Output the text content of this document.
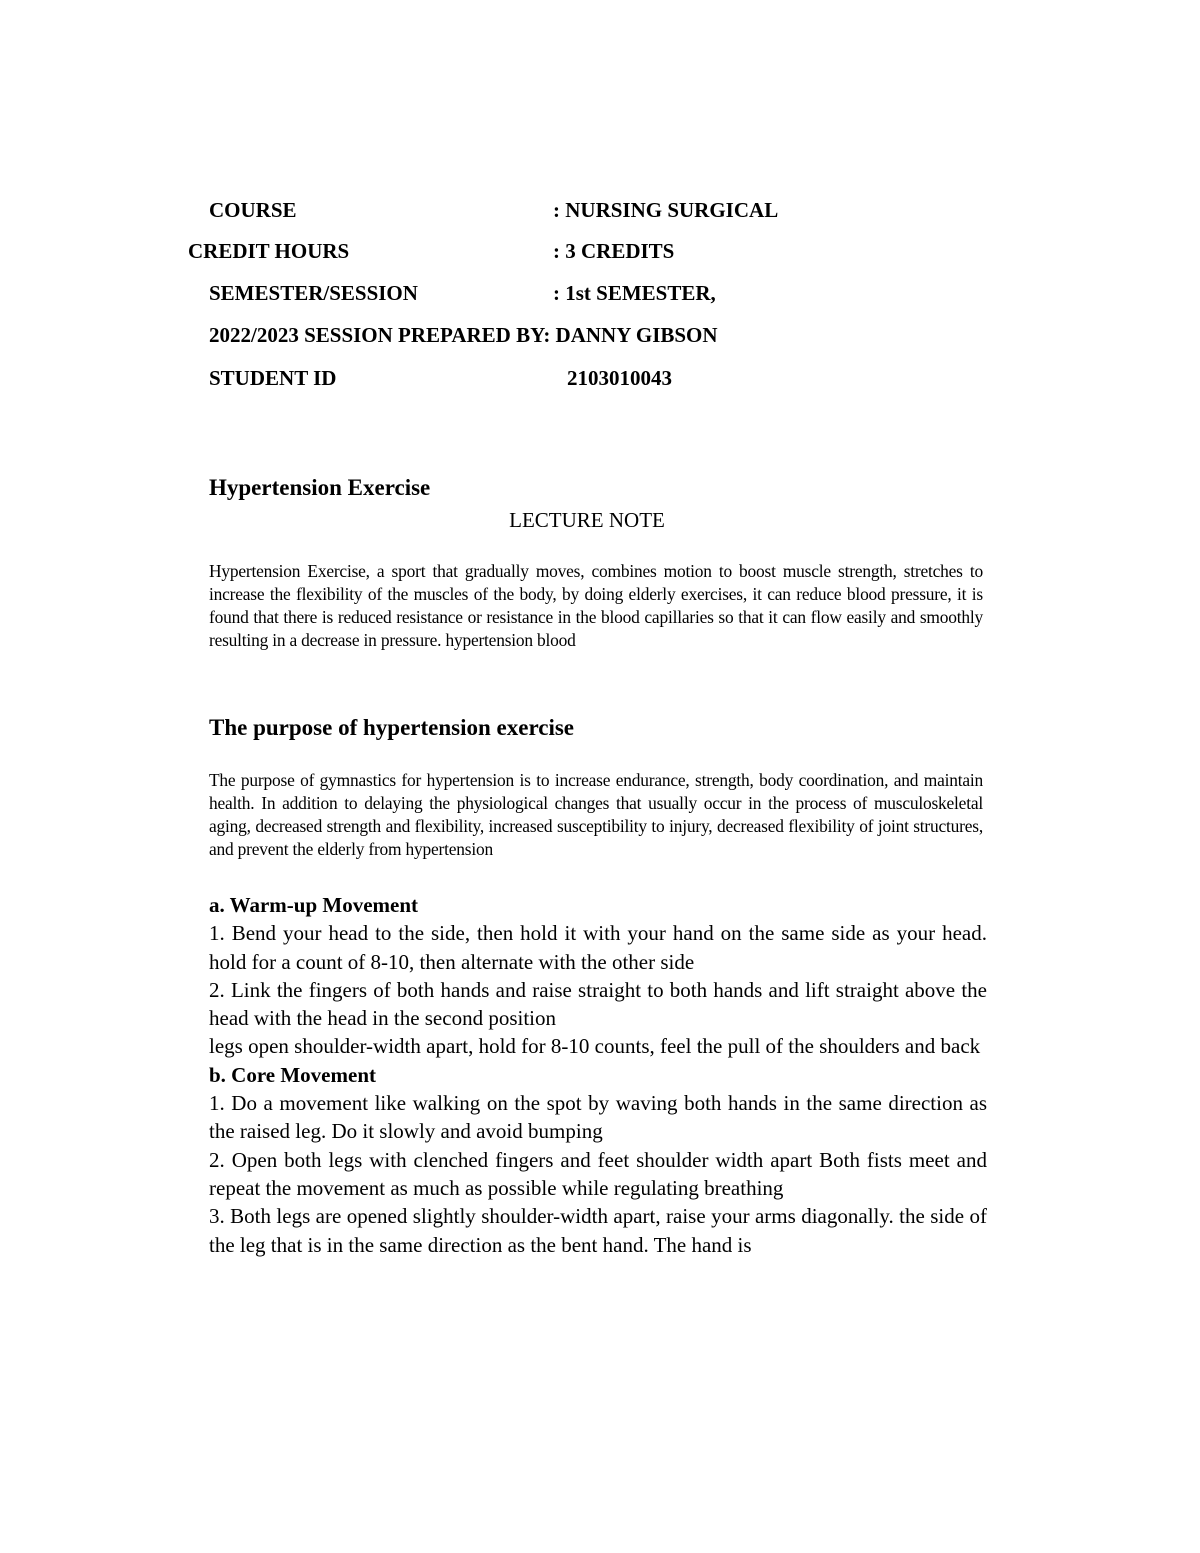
COURSE	: NURSING SURGICAL
CREDIT HOURS	: 3 CREDITS
SEMESTER/SESSION	: 1st SEMESTER,
2022/2023 SESSION PREPARED BY: DANNY GIBSON
STUDENT ID	2103010043
Hypertension Exercise
LECTURE NOTE
Hypertension Exercise, a sport that gradually moves, combines motion to boost muscle strength, stretches to increase the flexibility of the muscles of the body, by doing elderly exercises, it can reduce blood pressure, it is found that there is reduced resistance or resistance in the blood capillaries so that it can flow easily and smoothly resulting in a decrease in pressure. hypertension blood
The purpose of hypertension exercise
The purpose of gymnastics for hypertension is to increase endurance, strength, body coordination, and maintain health. In addition to delaying the physiological changes that usually occur in the process of musculoskeletal aging, decreased strength and flexibility, increased susceptibility to injury, decreased flexibility of joint structures, and prevent the elderly from hypertension
a. Warm-up Movement
1. Bend your head to the side, then hold it with your hand on the same side as your head. hold for a count of 8-10, then alternate with the other side
2. Link the fingers of both hands and raise straight to both hands and lift straight above the head with the head in the second position
legs open shoulder-width apart, hold for 8-10 counts, feel the pull of the shoulders and back
b. Core Movement
1. Do a movement like walking on the spot by waving both hands in the same direction as the raised leg. Do it slowly and avoid bumping
2. Open both legs with clenched fingers and feet shoulder width apart Both fists meet and repeat the movement as much as possible while regulating breathing
3. Both legs are opened slightly shoulder-width apart, raise your arms diagonally. the side of the leg that is in the same direction as the bent hand. The hand is
